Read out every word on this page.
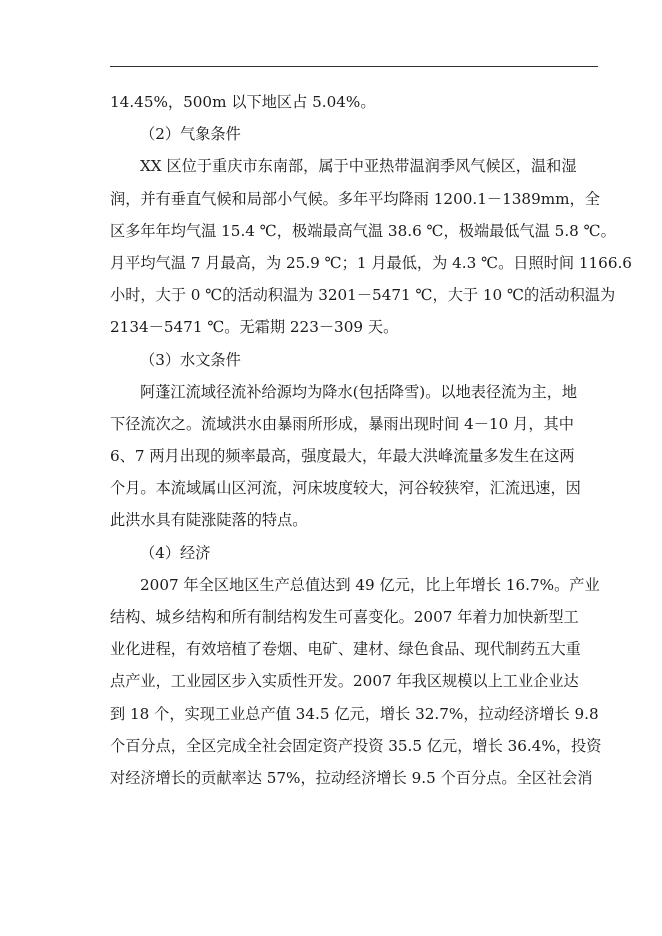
14.45%，500m 以下地区占 5.04%。
（2）气象条件
XX 区位于重庆市东南部，属于中亚热带温润季风气候区，温和湿
润，并有垂直气候和局部小气候。多年平均降雨 1200.1－1389mm，全
区多年年均气温 15.4 ℃，极端最高气温 38.6 ℃，极端最低气温 5.8 ℃。
月平均气温 7 月最高，为 25.9 ℃；1 月最低，为 4.3 ℃。日照时间 1166.6
小时，大于 0 ℃的活动积温为 3201－5471 ℃，大于 10 ℃的活动积温为
2134－5471 ℃。无霜期 223－309 天。
（3）水文条件
阿蓬江流域径流补给源均为降水(包括降雪)。以地表径流为主，地
下径流次之。流域洪水由暴雨所形成，暴雨出现时间 4－10 月，其中
6、7 两月出现的频率最高，强度最大，年最大洪峰流量多发生在这两
个月。本流域属山区河流，河床坡度较大，河谷较狭窄，汇流迅速，因
此洪水具有陡涨陡落的特点。
（4）经济
2007 年全区地区生产总值达到 49 亿元，比上年增长 16.7%。产业
结构、城乡结构和所有制结构发生可喜变化。2007 年着力加快新型工
业化进程，有效培植了卷烟、电矿、建材、绿色食品、现代制药五大重
点产业，工业园区步入实质性开发。2007 年我区规模以上工业企业达
到 18 个，实现工业总产值 34.5 亿元，增长 32.7%，拉动经济增长 9.8
个百分点，全区完成全社会固定资产投资 35.5 亿元，增长 36.4%，投资
对经济增长的贡献率达 57%，拉动经济增长 9.5 个百分点。全区社会消
